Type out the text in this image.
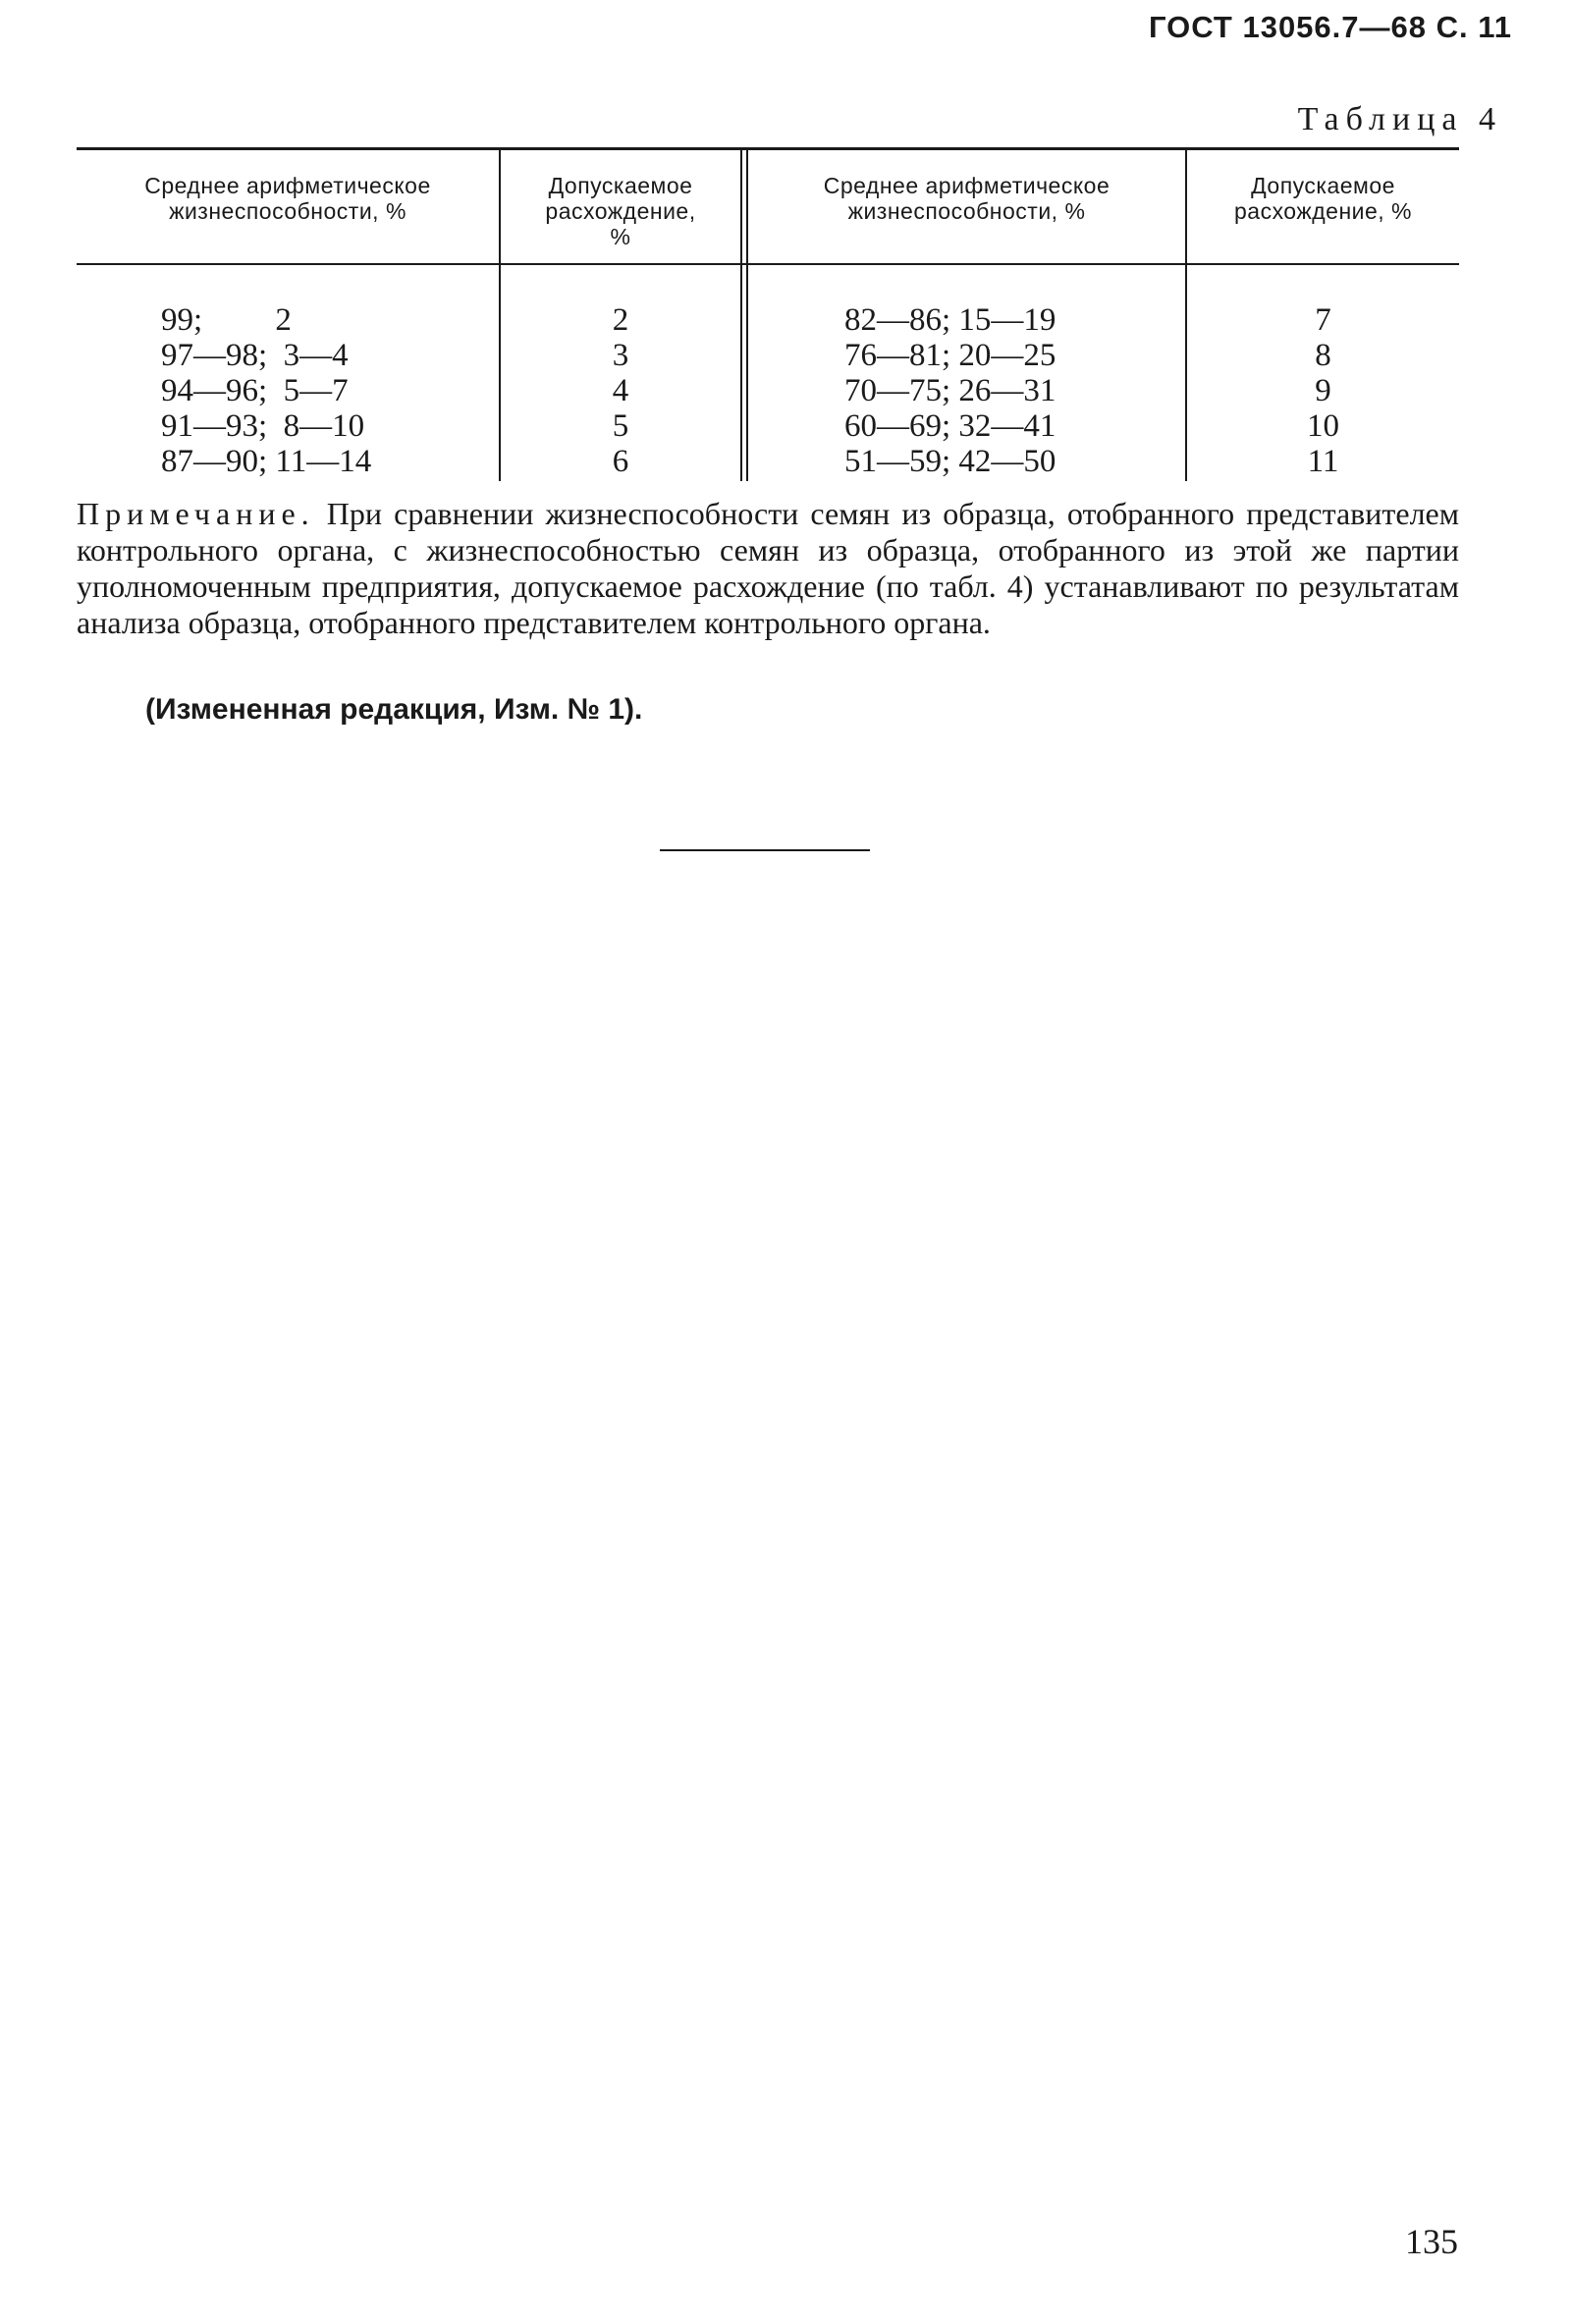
ГОСТ 13056.7—68 С. 11
Таблица 4
Среднее арифметическое
жизнеспособности, %
Допускаемое
расхождение,
%
Среднее арифметическое
жизнеспособности, %
Допускаемое
расхождение, %
99;         2
97—98;  3—4
94—96;  5—7
91—93;  8—10
87—90; 11—14
2
3
4
5
6
82—86; 15—19
76—81; 20—25
70—75; 26—31
60—69; 32—41
51—59; 42—50
7
8
9
10
11
Примечание. При сравнении жизнеспособности семян из образца, отобранного представителем контрольного органа, с жизнеспособностью семян из образца, отобранного из этой же партии уполномоченным предприятия, допускаемое расхождение (по табл. 4) устанавливают по результатам анализа образца, отобранного представителем контрольного органа.
(Измененная редакция, Изм. № 1).
135
